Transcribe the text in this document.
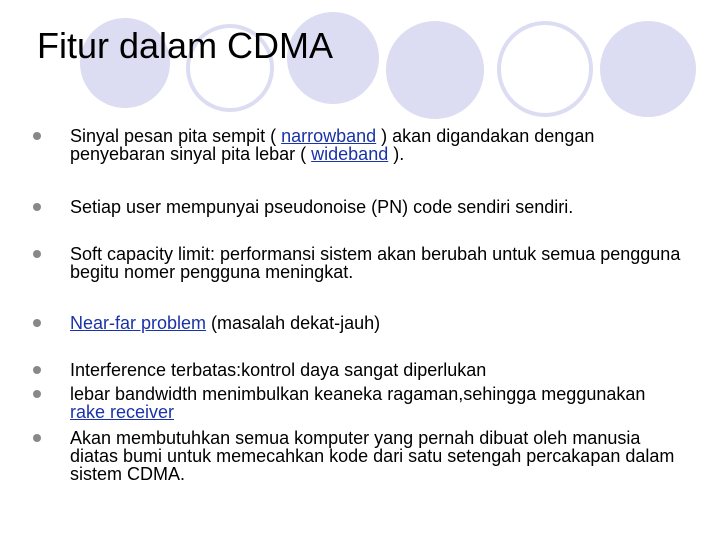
Fitur dalam CDMA
Sinyal pesan pita sempit ( narrowband ) akan digandakan dengan penyebaran sinyal pita lebar ( wideband ).
Setiap user mempunyai pseudonoise (PN) code sendiri sendiri.
Soft capacity limit: performansi sistem akan berubah untuk semua pengguna begitu nomer pengguna meningkat.
Near-far problem (masalah dekat-jauh)
Interference terbatas:kontrol daya sangat diperlukan
lebar bandwidth menimbulkan keaneka ragaman,sehingga meggunakan rake receiver
Akan membutuhkan semua komputer yang pernah dibuat oleh manusia diatas bumi untuk memecahkan kode dari satu setengah percakapan dalam sistem CDMA.
